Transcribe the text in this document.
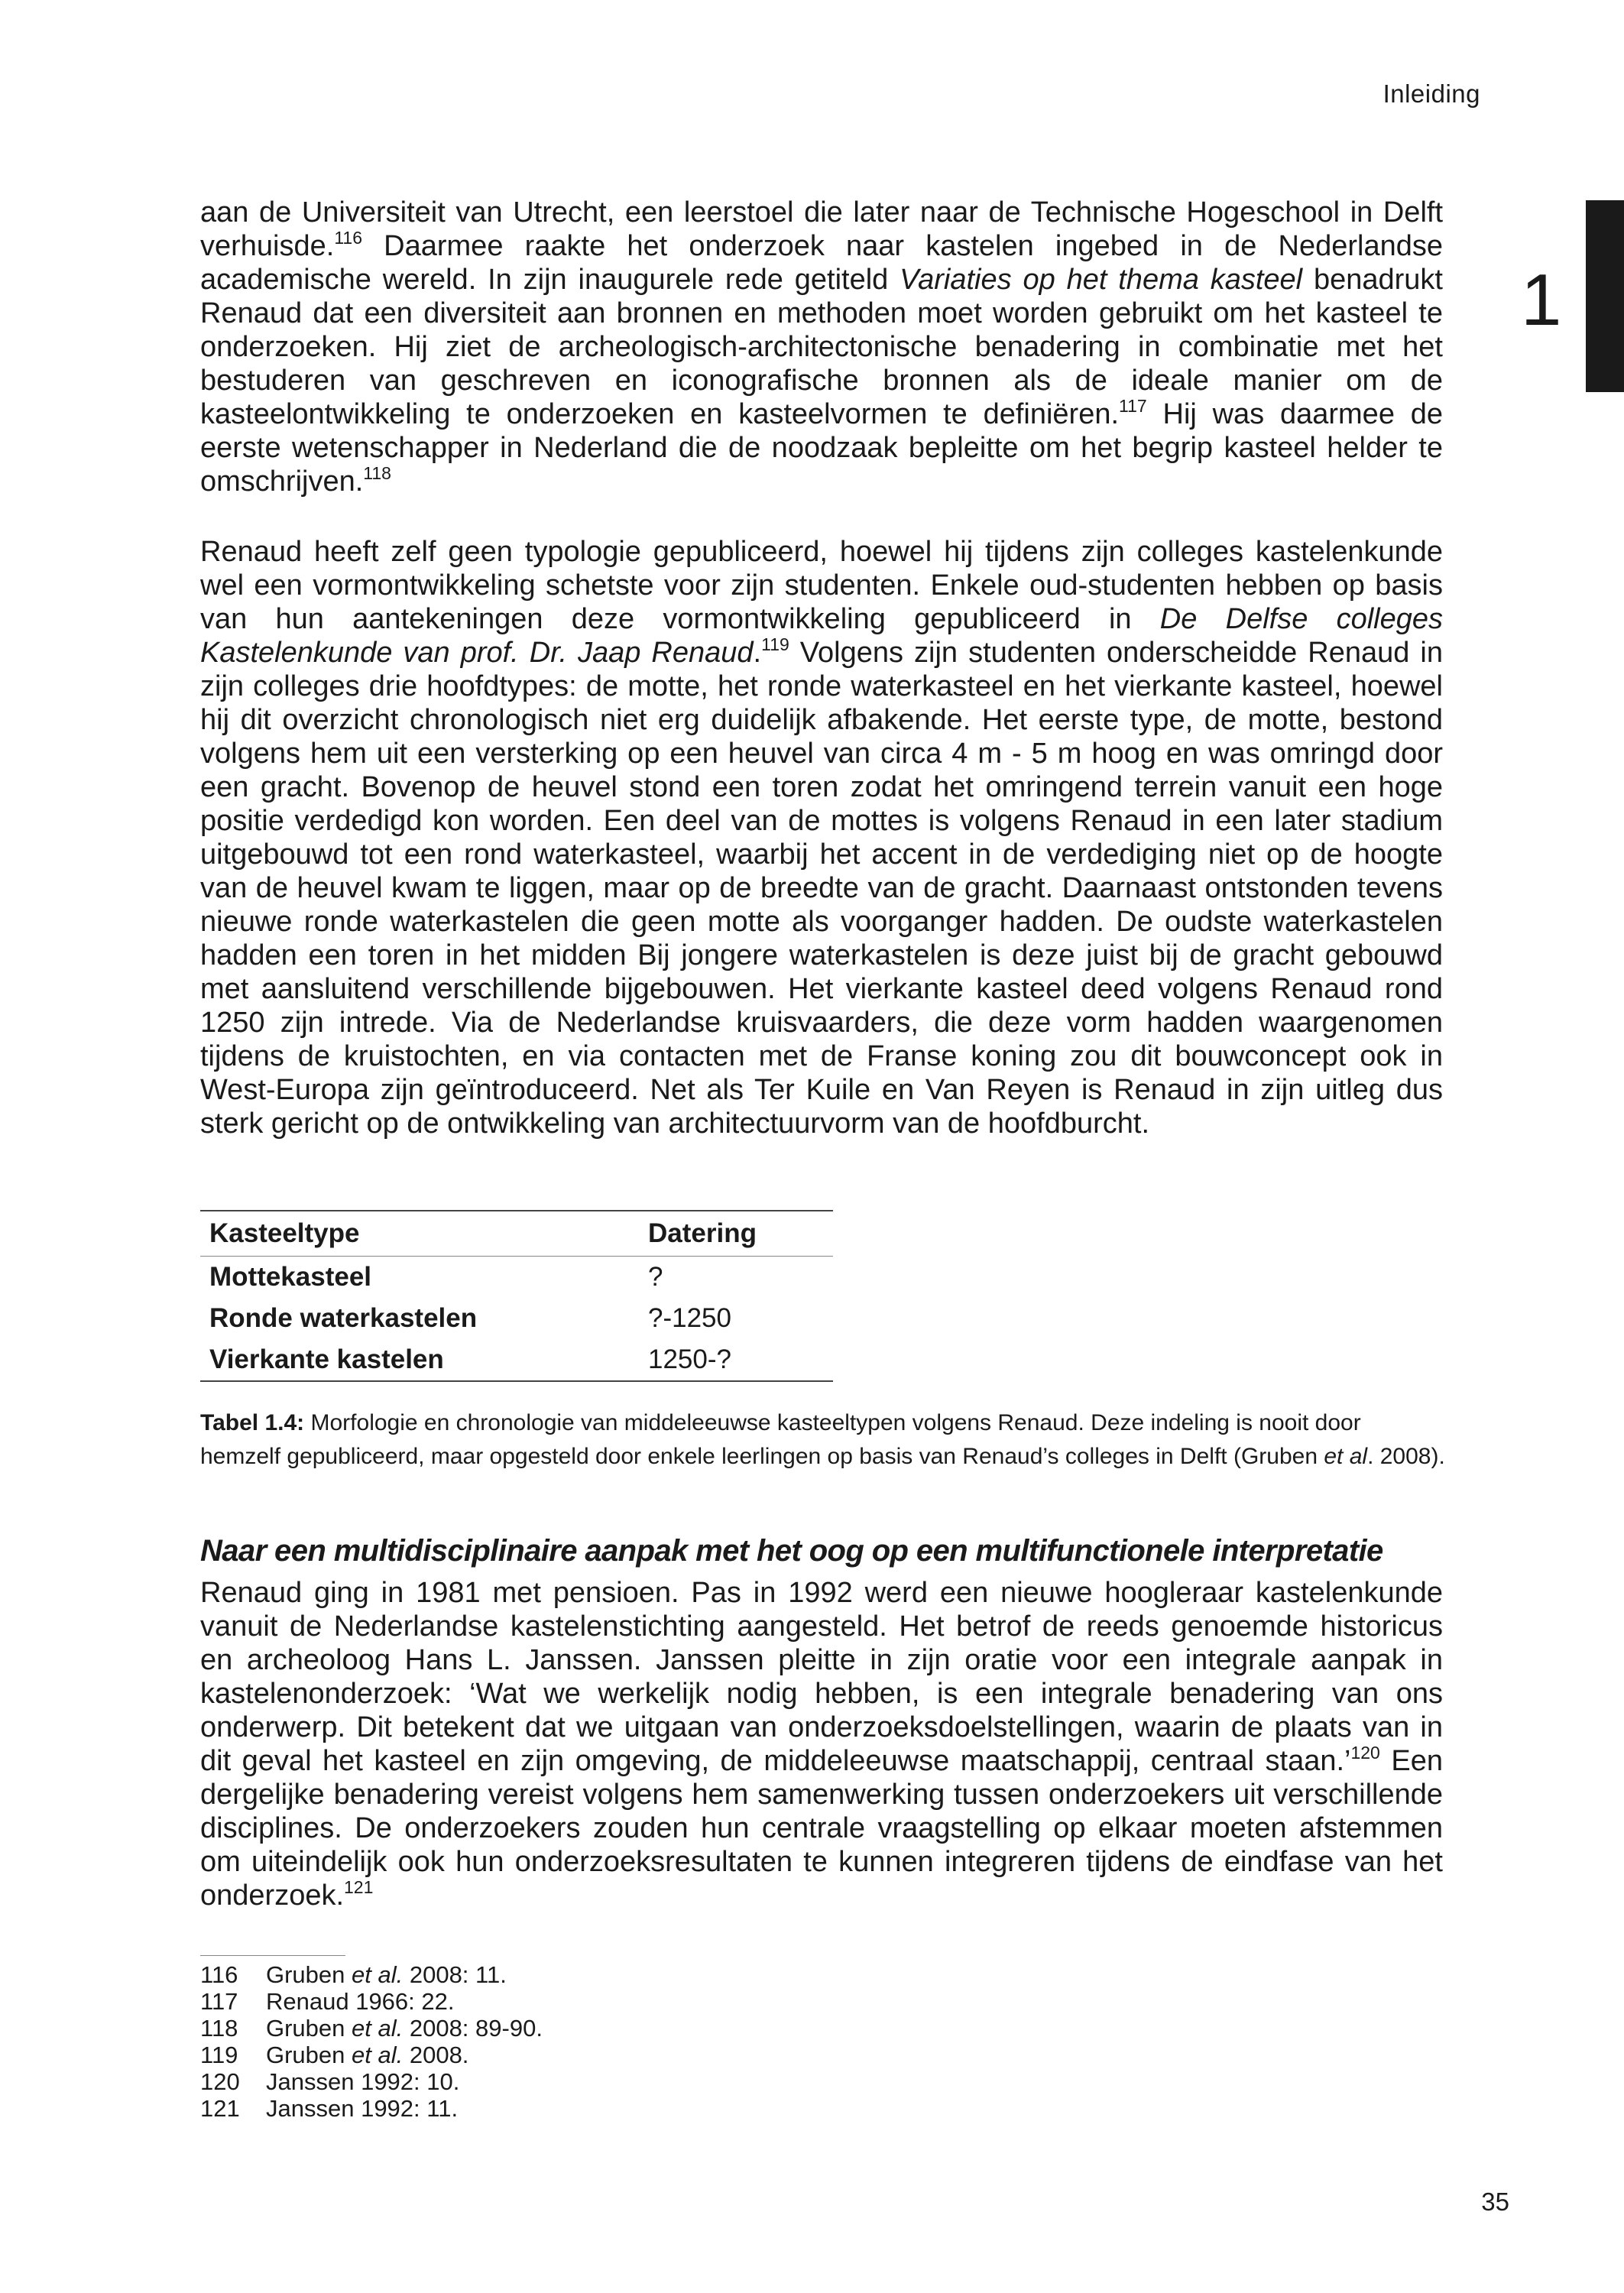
Inleiding
1

aan de Universiteit van Utrecht, een leerstoel die later naar de Technische Hogeschool in Delft verhuisde.$^{116}$ Daarmee raakte het onderzoek naar kastelen ingebed in de Nederlandse academische wereld. In zijn inaugurele rede getiteld Variaties op het thema kasteel benadrukt Renaud dat een diversiteit aan bronnen en methoden moet worden gebruikt om het kasteel te onderzoeken. Hij ziet de archeologisch-architectonische benadering in combinatie met het bestuderen van geschreven en iconografische bronnen als de ideale manier om de kasteelontwikkeling te onderzoeken en kasteelvormen te definiëren.$^{117}$ Hij was daarmee de eerste wetenschapper in Nederland die de noodzaak bepleitte om het begrip kasteel helder te omschrijven.$^{118}$

Renaud heeft zelf geen typologie gepubliceerd, hoewel hij tijdens zijn colleges kastelenkunde wel een vormontwikkeling schetste voor zijn studenten. Enkele oud-studenten hebben op basis van hun aantekeningen deze vormontwikkeling gepubliceerd in De Delfse colleges Kastelenkunde van prof. Dr. Jaap Renaud.$^{119}$ Volgens zijn studenten onderscheidde Renaud in zijn colleges drie hoofdtypes: de motte, het ronde waterkasteel en het vierkante kasteel, hoewel hij dit overzicht chronologisch niet erg duidelijk afbakende. Het eerste type, de motte, bestond volgens hem uit een versterking op een heuvel van circa 4 m - 5 m hoog en was omringd door een gracht. Bovenop de heuvel stond een toren zodat het omringend terrein vanuit een hoge positie verdedigd kon worden. Een deel van de mottes is volgens Renaud in een later stadium uitgebouwd tot een rond waterkasteel, waarbij het accent in de verdediging niet op de hoogte van de heuvel kwam te liggen, maar op de breedte van de gracht. Daarnaast ontstonden tevens nieuwe ronde waterkastelen die geen motte als voorganger hadden. De oudste waterkastelen hadden een toren in het midden Bij jongere waterkastelen is deze juist bij de gracht gebouwd met aansluitend verschillende bijgebouwen. Het vierkante kasteel deed volgens Renaud rond 1250 zijn intrede. Via de Nederlandse kruisvaarders, die deze vorm hadden waargenomen tijdens de kruistochten, en via contacten met de Franse koning zou dit bouwconcept ook in West-Europa zijn geïntroduceerd. Net als Ter Kuile en Van Reyen is Renaud in zijn uitleg dus sterk gericht op de ontwikkeling van architectuurvorm van de hoofdburcht.

Kasteeltype	Datering
Mottekasteel	?
Ronde waterkastelen	?-1250
Vierkante kastelen	1250-?

Tabel 1.4: Morfologie en chronologie van middeleeuwse kasteeltypen volgens Renaud. Deze indeling is nooit door hemzelf gepubliceerd, maar opgesteld door enkele leerlingen op basis van Renaud’s colleges in Delft (Gruben et al. 2008).

Naar een multidisciplinaire aanpak met het oog op een multifunctionele interpretatie

Renaud ging in 1981 met pensioen. Pas in 1992 werd een nieuwe hoogleraar kastelenkunde vanuit de Nederlandse kastelenstichting aangesteld. Het betrof de reeds genoemde historicus en archeoloog Hans L. Janssen. Janssen pleitte in zijn oratie voor een integrale aanpak in kastelenonderzoek: ‘Wat we werkelijk nodig hebben, is een integrale benadering van ons onderwerp. Dit betekent dat we uitgaan van onderzoeksdoelstellingen, waarin de plaats van in dit geval het kasteel en zijn omgeving, de middeleeuwse maatschappij, centraal staan.’$^{120}$ Een dergelijke benadering vereist volgens hem samenwerking tussen onderzoekers uit verschillende disciplines. De onderzoekers zouden hun centrale vraagstelling op elkaar moeten afstemmen om uiteindelijk ook hun onderzoeksresultaten te kunnen integreren tijdens de eindfase van het onderzoek.$^{121}$

116 Gruben et al. 2008: 11.
117 Renaud 1966: 22.
118 Gruben et al. 2008: 89-90.
119 Gruben et al. 2008.
120 Janssen 1992: 10.
121 Janssen 1992: 11.
35
